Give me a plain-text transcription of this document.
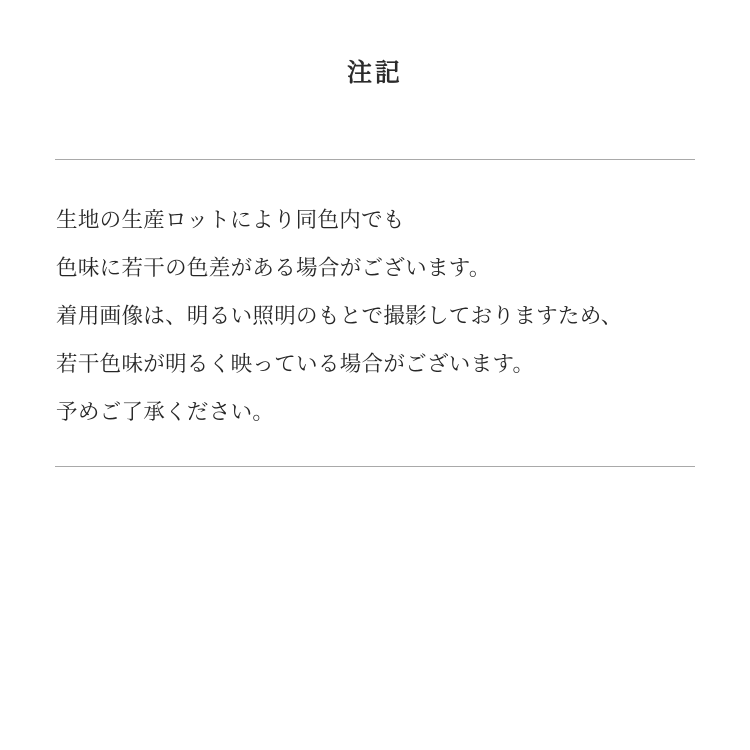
注記
生地の生産ロットにより同色内でも
色味に若干の色差がある場合がございます。
着用画像は、明るい照明のもとで撮影しておりますため、
若干色味が明るく映っている場合がございます。
予めご了承ください。
